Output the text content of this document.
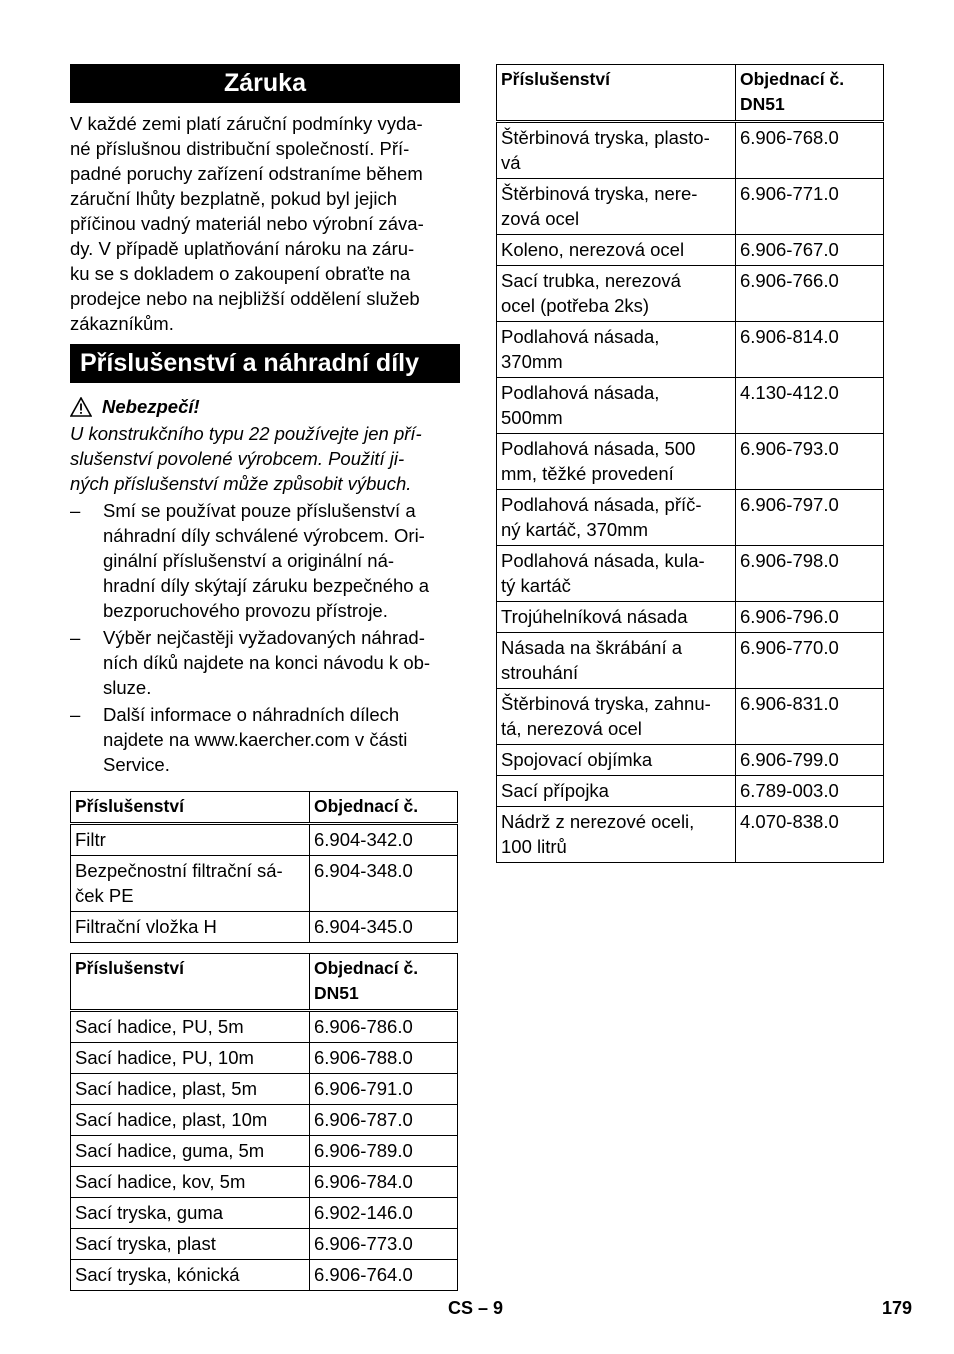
Záruka
V každé zemi platí záruční podmínky vyda-
né příslušnou distribuční společností. Pří-
padné poruchy zařízení odstraníme během
záruční lhůty bezplatně, pokud byl jejich
příčinou vadný materiál nebo výrobní záva-
dy. V případě uplatňování nároku na záru-
ku se s dokladem o zakoupení obraťte na
prodejce nebo na nejbližší oddělení služeb
zákazníkům.
Příslušenství a náhradní díly
Nebezpečí!
U konstrukčního typu 22 používejte jen pří-
slušenství povolené výrobcem. Použití ji-
ných příslušenství může způsobit výbuch.
– Smí se používat pouze příslušenství a
náhradní díly schválené výrobcem. Ori-
ginální příslušenství a originální ná-
hradní díly skýtají záruku bezpečného a
bezporuchového provozu přístroje.
– Výběr nejčastěji vyžadovaných náhrad-
ních díků najdete na konci návodu k ob-
sluze.
– Další informace o náhradních dílech
najdete na www.kaercher.com v části
Service.
Příslušenství	Objednací č.
Filtr	6.904-342.0
Bezpečnostní filtrační sá-
ček PE	6.904-348.0
Filtrační vložka H	6.904-345.0
Příslušenství	Objednací č.
DN51
Sací hadice, PU, 5m	6.906-786.0
Sací hadice, PU, 10m	6.906-788.0
Sací hadice, plast, 5m	6.906-791.0
Sací hadice, plast, 10m	6.906-787.0
Sací hadice, guma, 5m	6.906-789.0
Sací hadice, kov, 5m	6.906-784.0
Sací tryska, guma	6.902-146.0
Sací tryska, plast	6.906-773.0
Sací tryska, kónická	6.906-764.0
Příslušenství	Objednací č.
DN51
Štěrbinová tryska, plasto-
vá	6.906-768.0
Štěrbinová tryska, nere-
zová ocel	6.906-771.0
Koleno, nerezová ocel	6.906-767.0
Sací trubka, nerezová
ocel (potřeba 2ks)	6.906-766.0
Podlahová násada,
370mm	6.906-814.0
Podlahová násada,
500mm	4.130-412.0
Podlahová násada, 500
mm, těžké provedení	6.906-793.0
Podlahová násada, příč-
ný kartáč, 370mm	6.906-797.0
Podlahová násada, kula-
tý kartáč	6.906-798.0
Trojúhelníková násada	6.906-796.0
Násada na škrábání a
strouhání	6.906-770.0
Štěrbinová tryska, zahnu-
tá, nerezová ocel	6.906-831.0
Spojovací objímka	6.906-799.0
Sací přípojka	6.789-003.0
Nádrž z nerezové oceli,
100 litrů	4.070-838.0
CS – 9	179
